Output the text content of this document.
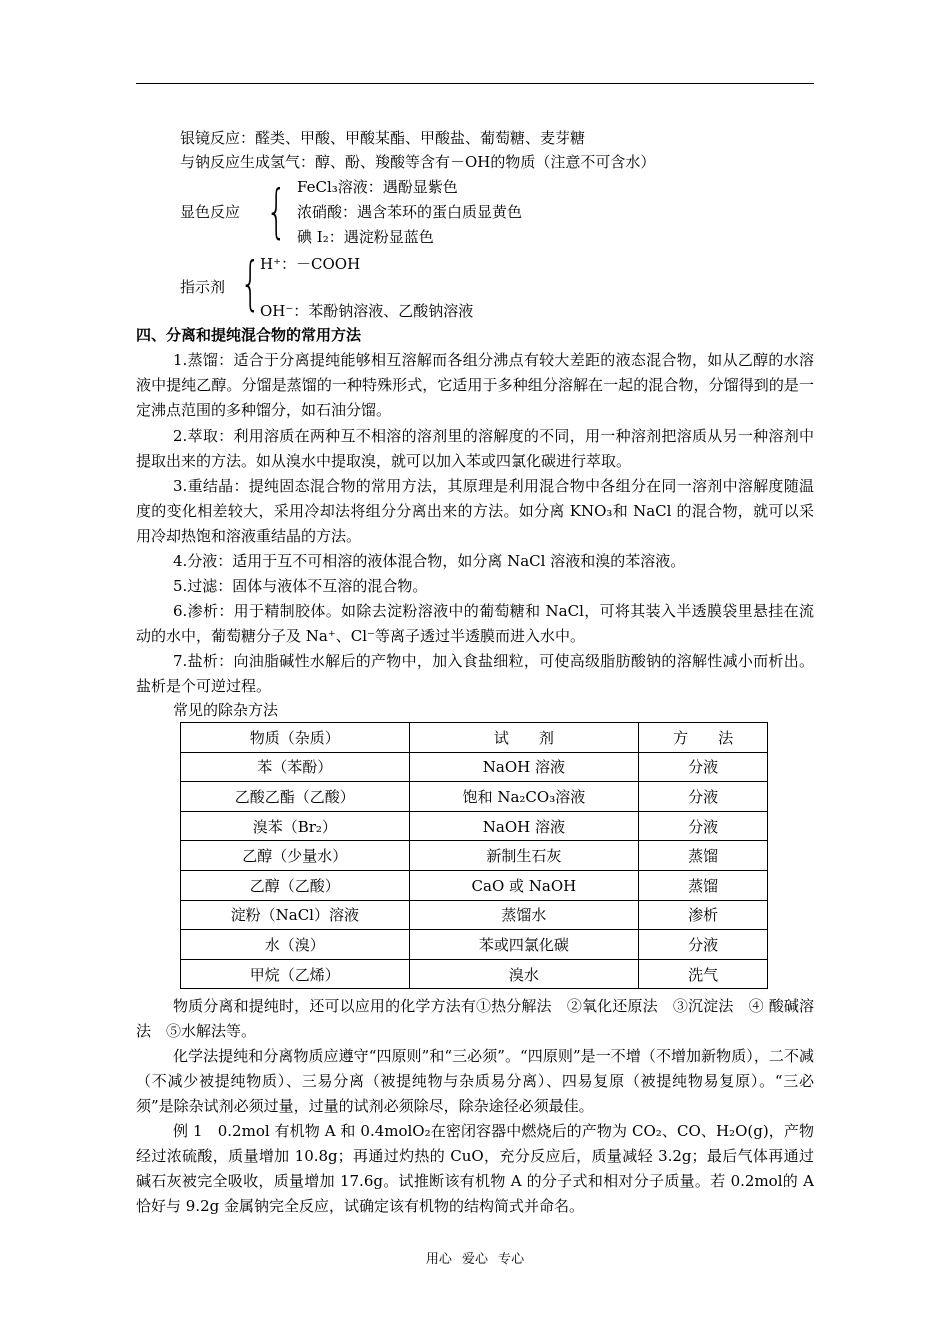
银镜反应：醛类、甲酸、甲酸某酯、甲酸盐、葡萄糖、麦芽糖
与钠反应生成氢气：醇、酚、羧酸等含有－OH的物质（注意不可含水）
显色反应 { FeCl₃溶液：遇酚显紫色
浓硝酸：遇含苯环的蛋白质显黄色
碘 I₂：遇淀粉显蓝色
指示剂 { H⁺：－COOH
OH⁻：苯酚钠溶液、乙酸钠溶液
四、分离和提纯混合物的常用方法
1.蒸馏：适合于分离提纯能够相互溶解而各组分沸点有较大差距的液态混合物，如从乙醇的水溶液中提纯乙醇。分馏是蒸馏的一种特殊形式，它适用于多种组分溶解在一起的混合物，分馏得到的是一定沸点范围的多种馏分，如石油分馏。
2.萃取：利用溶质在两种互不相溶的溶剂里的溶解度的不同，用一种溶剂把溶质从另一种溶剂中提取出来的方法。如从溴水中提取溴，就可以加入苯或四氯化碳进行萃取。
3.重结晶：提纯固态混合物的常用方法，其原理是利用混合物中各组分在同一溶剂中溶解度随温度的变化相差较大，采用冷却法将组分分离出来的方法。如分离 KNO₃和 NaCl 的混合物，就可以采用冷却热饱和溶液重结晶的方法。
4.分液：适用于互不可相溶的液体混合物，如分离 NaCl 溶液和溴的苯溶液。
5.过滤：固体与液体不互溶的混合物。
6.渗析：用于精制胶体。如除去淀粉溶液中的葡萄糖和 NaCl，可将其装入半透膜袋里悬挂在流动的水中，葡萄糖分子及 Na⁺、Cl⁻等离子透过半透膜而进入水中。
7.盐析：向油脂碱性水解后的产物中，加入食盐细粒，可使高级脂肪酸钠的溶解性减小而析出。盐析是个可逆过程。
常见的除杂方法
物质（杂质）	试　　剂	方　　法
苯（苯酚）	NaOH 溶液	分液
乙酸乙酯（乙酸）	饱和 Na₂CO₃溶液	分液
溴苯（Br₂）	NaOH 溶液	分液
乙醇（少量水）	新制生石灰	蒸馏
乙醇（乙酸）	CaO 或 NaOH	蒸馏
淀粉（NaCl）溶液	蒸馏水	渗析
水（溴）	苯或四氯化碳	分液
甲烷（乙烯）	溴水	洗气
物质分离和提纯时，还可以应用的化学方法有①热分解法　②氧化还原法　③沉淀法　④ 酸碱溶法　⑤水解法等。
化学法提纯和分离物质应遵守“四原则”和“三必须”。“四原则”是一不增（不增加新物质），二不减（不减少被提纯物质）、三易分离（被提纯物与杂质易分离）、四易复原（被提纯物易复原）。“三必须”是除杂试剂必须过量，过量的试剂必须除尽，除杂途径必须最佳。
例 1　0.2mol 有机物 A 和 0.4molO₂在密闭容器中燃烧后的产物为 CO₂、CO、H₂O(g)，产物经过浓硫酸，质量增加 10.8g；再通过灼热的 CuO，充分反应后，质量减轻 3.2g；最后气体再通过碱石灰被完全吸收，质量增加 17.6g。试推断该有机物 A 的分子式和相对分子质量。若 0.2mol的 A 恰好与 9.2g 金属钠完全反应，试确定该有机物的结构简式并命名。
用心 爱心 专心
